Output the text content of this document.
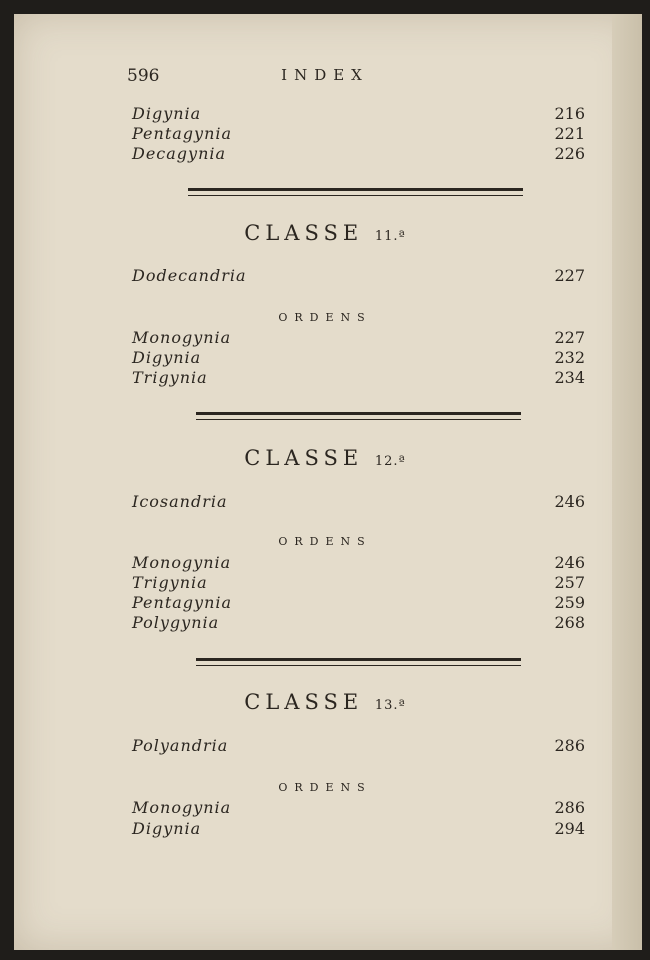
596	INDEX
Digynia	216
Pentagynia	221
Decagynia	226
CLASSE 11.ª
Dodecandria	227
ORDENS
Monogynia	227
Digynia	232
Trigynia	234
CLASSE 12.ª
Icosandria	246
ORDENS
Monogynia	246
Trigynia	257
Pentagynia	259
Polygynia	268
CLASSE 13.ª
Polyandria	286
ORDENS
Monogynia	286
Digynia	294
